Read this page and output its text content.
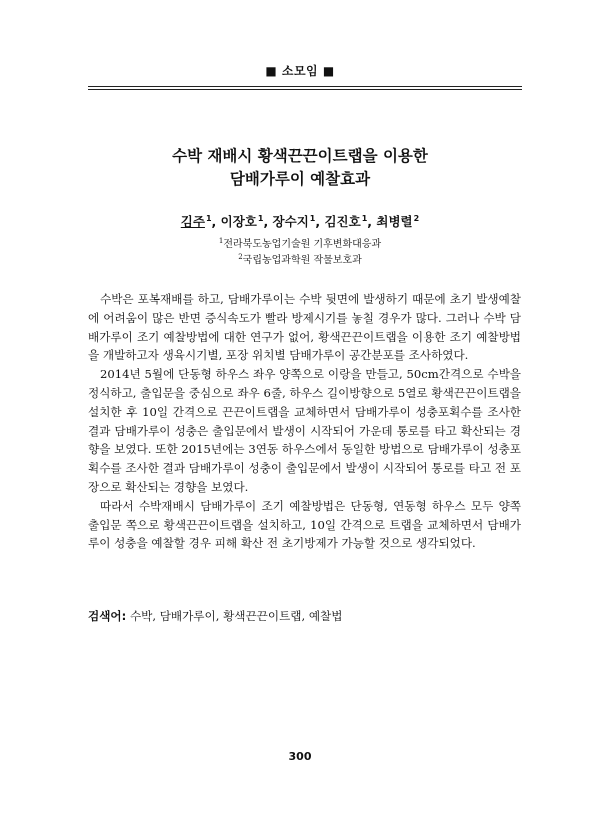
■ 소모임 ■
수박 재배시 황색끈끈이트랩을 이용한
담배가루이 예찰효과
김주$^1$, 이장호$^1$, 장수지$^1$, 김진호$^1$, 최병렬$^2$
$^1$전라북도농업기술원 기후변화대응과
$^2$국립농업과학원 작물보호과

수박은 포복재배를 하고, 담배가루이는 수박 뒷면에 발생하기 때문에 초기 발생예찰에 어려움이 많은 반면 증식속도가 빨라 방제시기를 놓칠 경우가 많다. 그러나 수박 담배가루이 조기 예찰방법에 대한 연구가 없어, 황색끈끈이트랩을 이용한 조기 예찰방법을 개발하고자 생육시기별, 포장 위치별 담배가루이 공간분포를 조사하였다.

2014년 5월에 단동형 하우스 좌우 양쪽으로 이랑을 만들고, 50cm간격으로 수박을 정식하고, 출입문을 중심으로 좌우 6줄, 하우스 길이방향으로 5열로 황색끈끈이트랩을 설치한 후 10일 간격으로 끈끈이트랩을 교체하면서 담배가루이 성충포획수를 조사한 결과 담배가루이 성충은 출입문에서 발생이 시작되어 가운데 통로를 타고 확산되는 경향을 보였다. 또한 2015년에는 3연동 하우스에서 동일한 방법으로 담배가루이 성충포획수를 조사한 결과 담배가루이 성충이 출입문에서 발생이 시작되어 통로를 타고 전 포장으로 확산되는 경향을 보였다.

따라서 수박재배시 담배가루이 조기 예찰방법은 단동형, 연동형 하우스 모두 양쪽 출입문 쪽으로 황색끈끈이트랩을 설치하고, 10일 간격으로 트랩을 교체하면서 담배가루이 성충을 예찰할 경우 피해 확산 전 초기방제가 가능할 것으로 생각되었다.

검색어: 수박, 담배가루이, 황색끈끈이트랩, 예찰법
300
